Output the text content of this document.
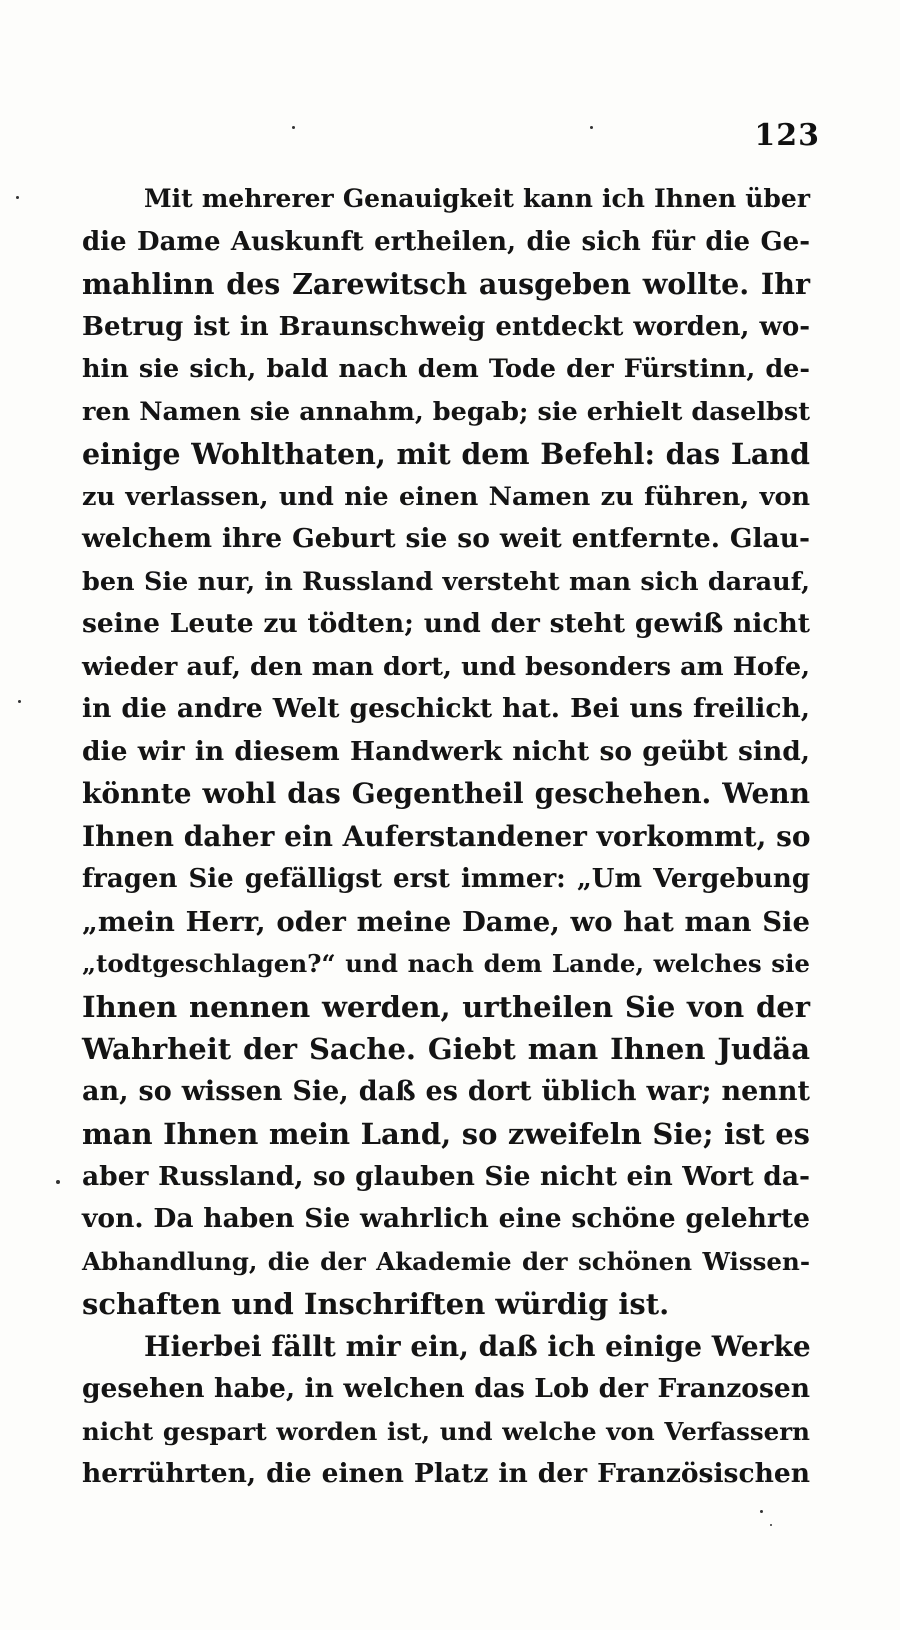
123
Mit mehrerer Genauigkeit kann ich Ihnen über
die Dame Auskunft ertheilen, die sich für die Ge-
mahlinn des Zarewitsch ausgeben wollte. Ihr
Betrug ist in Braunschweig entdeckt worden, wo-
hin sie sich, bald nach dem Tode der Fürstinn, de-
ren Namen sie annahm, begab; sie erhielt daselbst
einige Wohlthaten, mit dem Befehl: das Land
zu verlassen, und nie einen Namen zu führen, von
welchem ihre Geburt sie so weit entfernte. Glau-
ben Sie nur, in Russland versteht man sich darauf,
seine Leute zu tödten; und der steht gewiß nicht
wieder auf, den man dort, und besonders am Hofe,
in die andre Welt geschickt hat. Bei uns freilich,
die wir in diesem Handwerk nicht so geübt sind,
könnte wohl das Gegentheil geschehen. Wenn
Ihnen daher ein Auferstandener vorkommt, so
fragen Sie gefälligst erst immer: „Um Vergebung
„mein Herr, oder meine Dame, wo hat man Sie
„todtgeschlagen?“ und nach dem Lande, welches sie
Ihnen nennen werden, urtheilen Sie von der
Wahrheit der Sache. Giebt man Ihnen Judäa
an, so wissen Sie, daß es dort üblich war; nennt
man Ihnen mein Land, so zweifeln Sie; ist es
aber Russland, so glauben Sie nicht ein Wort da-
von. Da haben Sie wahrlich eine schöne gelehrte
Abhandlung, die der Akademie der schönen Wissen-
schaften und Inschriften würdig ist.
Hierbei fällt mir ein, daß ich einige Werke
gesehen habe, in welchen das Lob der Franzosen
nicht gespart worden ist, und welche von Verfassern
herrührten, die einen Platz in der Französischen
